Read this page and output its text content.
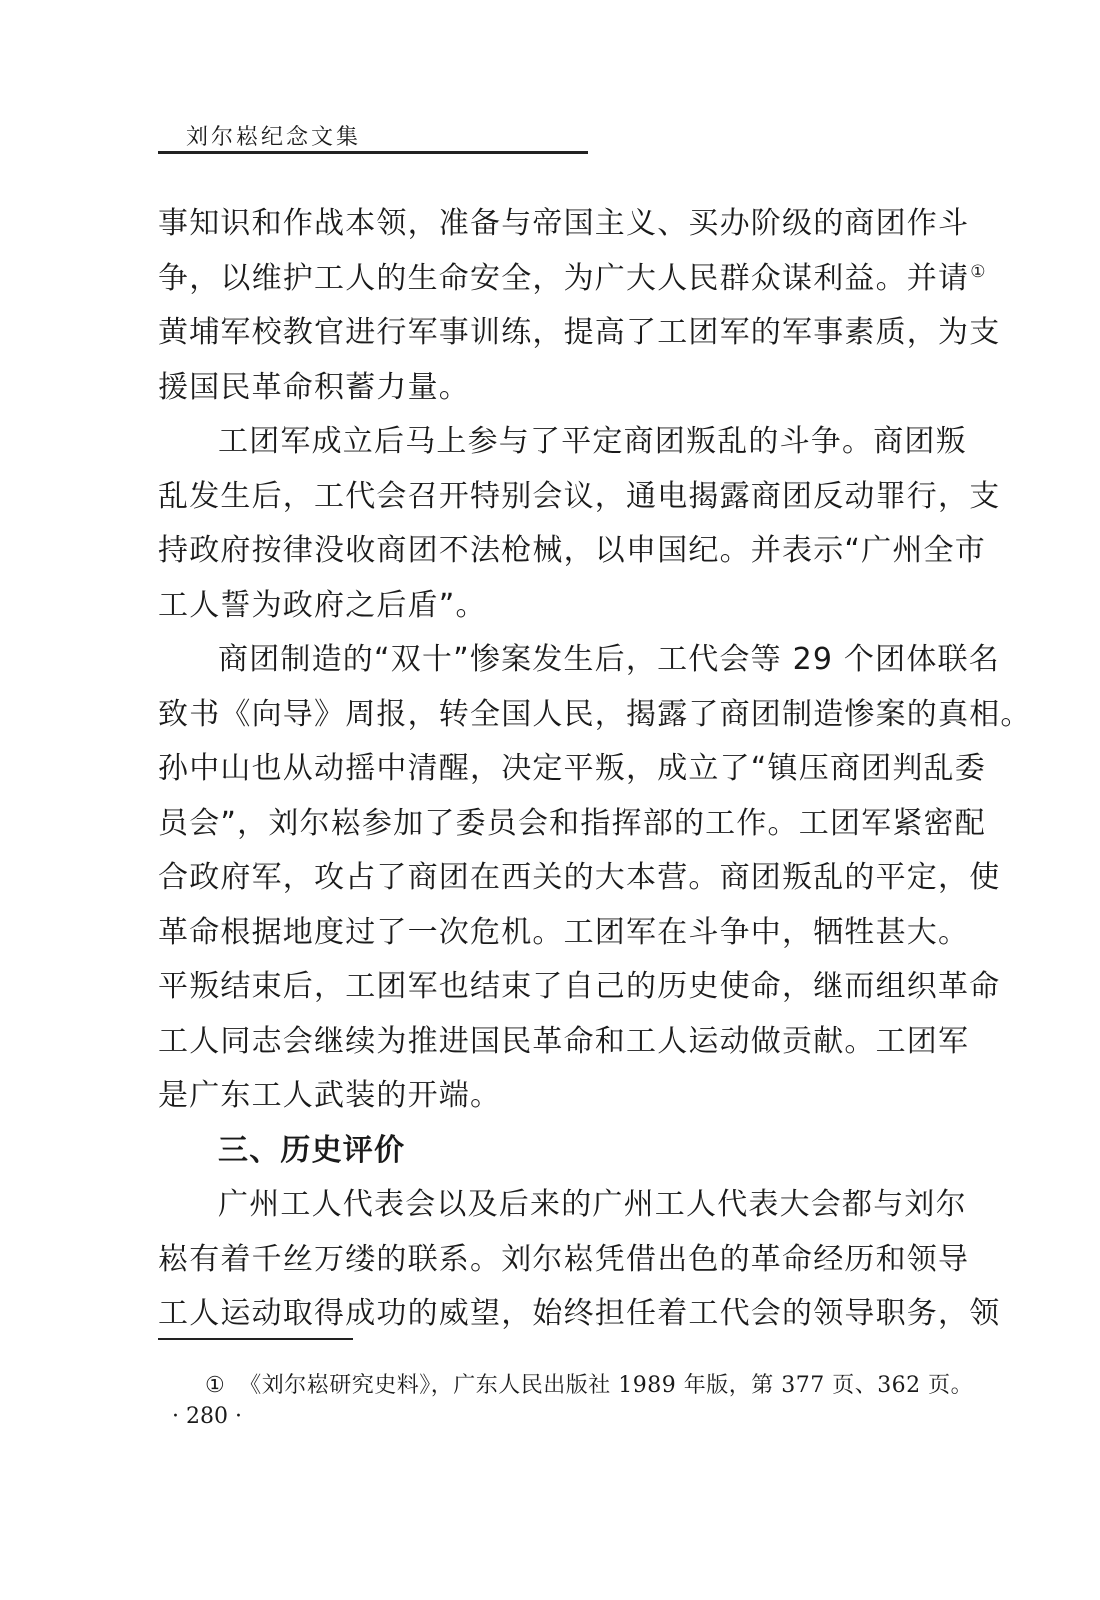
刘尔崧纪念文集
事知识和作战本领，准备与帝国主义、买办阶级的商团作斗
争，以维护工人的生命安全，为广大人民群众谋利益。并请①
黄埔军校教官进行军事训练，提高了工团军的军事素质，为支
援国民革命积蓄力量。
工团军成立后马上参与了平定商团叛乱的斗争。商团叛
乱发生后，工代会召开特别会议，通电揭露商团反动罪行，支
持政府按律没收商团不法枪械，以申国纪。并表示“广州全市
工人誓为政府之后盾”。
商团制造的“双十”惨案发生后，工代会等 29 个团体联名
致书《向导》周报，转全国人民，揭露了商团制造惨案的真相。
孙中山也从动摇中清醒，决定平叛，成立了“镇压商团判乱委
员会”，刘尔崧参加了委员会和指挥部的工作。工团军紧密配
合政府军，攻占了商团在西关的大本营。商团叛乱的平定，使
革命根据地度过了一次危机。工团军在斗争中，牺牲甚大。
平叛结束后，工团军也结束了自己的历史使命，继而组织革命
工人同志会继续为推进国民革命和工人运动做贡献。工团军
是广东工人武装的开端。
三、历史评价
广州工人代表会以及后来的广州工人代表大会都与刘尔
崧有着千丝万缕的联系。刘尔崧凭借出色的革命经历和领导
工人运动取得成功的威望，始终担任着工代会的领导职务，领
① 《刘尔崧研究史料》，广东人民出版社 1989 年版，第 377 页、362 页。
· 280 ·
